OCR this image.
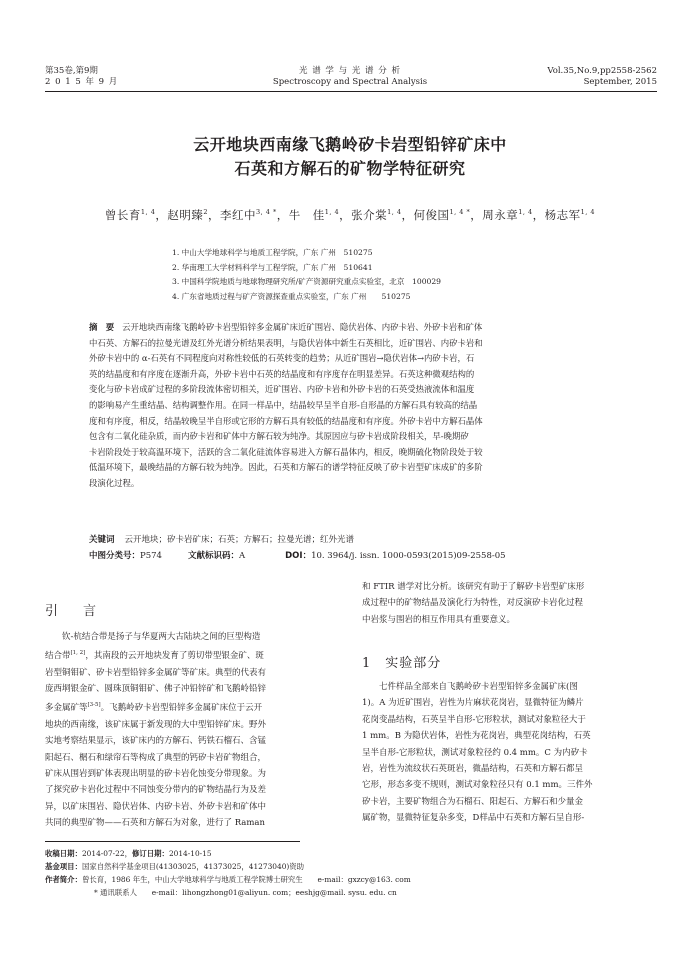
第35卷,第9期
2 0 1 5 年 9 月
光 谱 学 与 光 谱 分 析
Spectroscopy and Spectral Analysis
Vol.35,No.9,pp2558-2562
September, 2015
云开地块西南缘飞鹅岭矽卡岩型铅锌矿床中
石英和方解石的矿物学特征研究
曾长育$^{1, 4}$，赵明臻$^2$，李红中$^{3, 4 *}$，牛　佳$^{1, 4}$，张介棠$^{1, 4}$，何俊国$^{1, 4 *}$，周永章$^{1, 4}$，杨志军$^{1, 4}$
1. 中山大学地球科学与地质工程学院，广东 广州　510275
2. 华南理工大学材料科学与工程学院，广东 广州　510641
3. 中国科学院地质与地球物理研究所/矿产资源研究重点实验室，北京　100029
4. 广东省地质过程与矿产资源探查重点实验室，广东 广州　　510275
摘　要 云开地块西南缘飞鹅岭矽卡岩型铅锌多金属矿床近矿围岩、隐伏岩体、内矽卡岩、外矽卡岩和矿体
中石英、方解石的拉曼光谱及红外光谱分析结果表明，与隐伏岩体中新生石英相比，近矿围岩、内矽卡岩和
外矽卡岩中的 α-石英有不同程度向对称性较低的石英转变的趋势；从近矿围岩→隐伏岩体→内矽卡岩，石
英的结晶度和有序度在逐渐升高，外矽卡岩中石英的结晶度和有序度存在明显差异。石英这种微观结构的
变化与矽卡岩成矿过程的多阶段流体密切相关，近矿围岩、内矽卡岩和外矽卡岩的石英受热液流体和温度
的影响易产生重结晶、结构调整作用。在同一样品中，结晶较早呈半自形-自形晶的方解石具有较高的结晶
度和有序度，相反，结晶较晚呈半自形或它形的方解石具有较低的结晶度和有序度。外矽卡岩中方解石晶体
包含有二氧化硅杂质，而内矽卡岩和矿体中方解石较为纯净。其原因应与矽卡岩成阶段相关，早-晚期矽
卡岩阶段处于较高温环境下，活跃的含二氧化硅流体容易进入方解石晶体内，相反，晚期硫化物阶段处于较
低温环境下，最晚结晶的方解石较为纯净。因此，石英和方解石的谱学特征反映了矽卡岩型矿床成矿的多阶
段演化过程。
关键词 云开地块；矽卡岩矿床；石英；方解石；拉曼光谱；红外光谱
中图分类号：P574	文献标识码：A	DOI：10. 3964/j. issn. 1000-0593(2015)09-2558-05
引　言
钦-杭结合带是扬子与华夏两大古陆块之间的巨型构造
结合带[1, 2]，其南段的云开地块发育了剪切带型银金矿、斑
岩型铜钼矿、矽卡岩型铅锌多金属矿等矿床。典型的代表有
庞西垌银金矿、圆珠顶铜钼矿、佛子冲铅锌矿和飞鹅岭铅锌
多金属矿等[3-5]。飞鹅岭矽卡岩型铅锌多金属矿床位于云开
地块的西南缘，该矿床属于新发现的大中型铅锌矿床。野外
实地考察结果显示，该矿床内的方解石、钙铁石榴石、含锰
阳起石、榍石和绿帘石等构成了典型的钙矽卡岩矿物组合，
矿床从围岩到矿体表现出明显的矽卡岩化蚀变分带现象。为
了探究矽卡岩化过程中不同蚀变分带内的矿物结晶行为及差
异，以矿床围岩、隐伏岩体、内矽卡岩、外矽卡岩和矿体中
共同的典型矿物——石英和方解石为对象，进行了 Raman
和 FTIR 谱学对比分析。该研究有助于了解矽卡岩型矿床形
成过程中的矿物结晶及演化行为特性，对反演矽卡岩化过程
中岩浆与围岩的相互作用具有重要意义。
1　实验部分
七件样品全部来自飞鹅岭矽卡岩型铅锌多金属矿床(图
1)。A 为近矿围岩，岩性为片麻状花岗岩，显微特征为鳞片
花岗变晶结构，石英呈半自形-它形粒状，测试对象粒径大于
1 mm。B 为隐伏岩体，岩性为花岗岩，典型花岗结构，石英
呈半自形-它形粒状，测试对象粒径约 0.4 mm。C 为内矽卡
岩，岩性为流纹状石英斑岩，微晶结构，石英和方解石都呈
它形，形态多变不规则，测试对象粒径只有 0.1 mm。三件外
矽卡岩，主要矿物组合为石榴石、阳起石、方解石和少量金
属矿物，显微特征复杂多变，D样品中石英和方解石呈自形-
收稿日期：2014-07-22，修订日期：2014-10-15
基金项目：国家自然科学基金项目(41303025，41373025，41273040)资助
作者简介：曾长育，1986 年生，中山大学地球科学与地质工程学院博士研究生　　e-mail：gxzcy@163. com
* 通讯联系人　　e-mail：lihongzhong01@aliyun. com；eeshjg@mail. sysu. edu. cn
